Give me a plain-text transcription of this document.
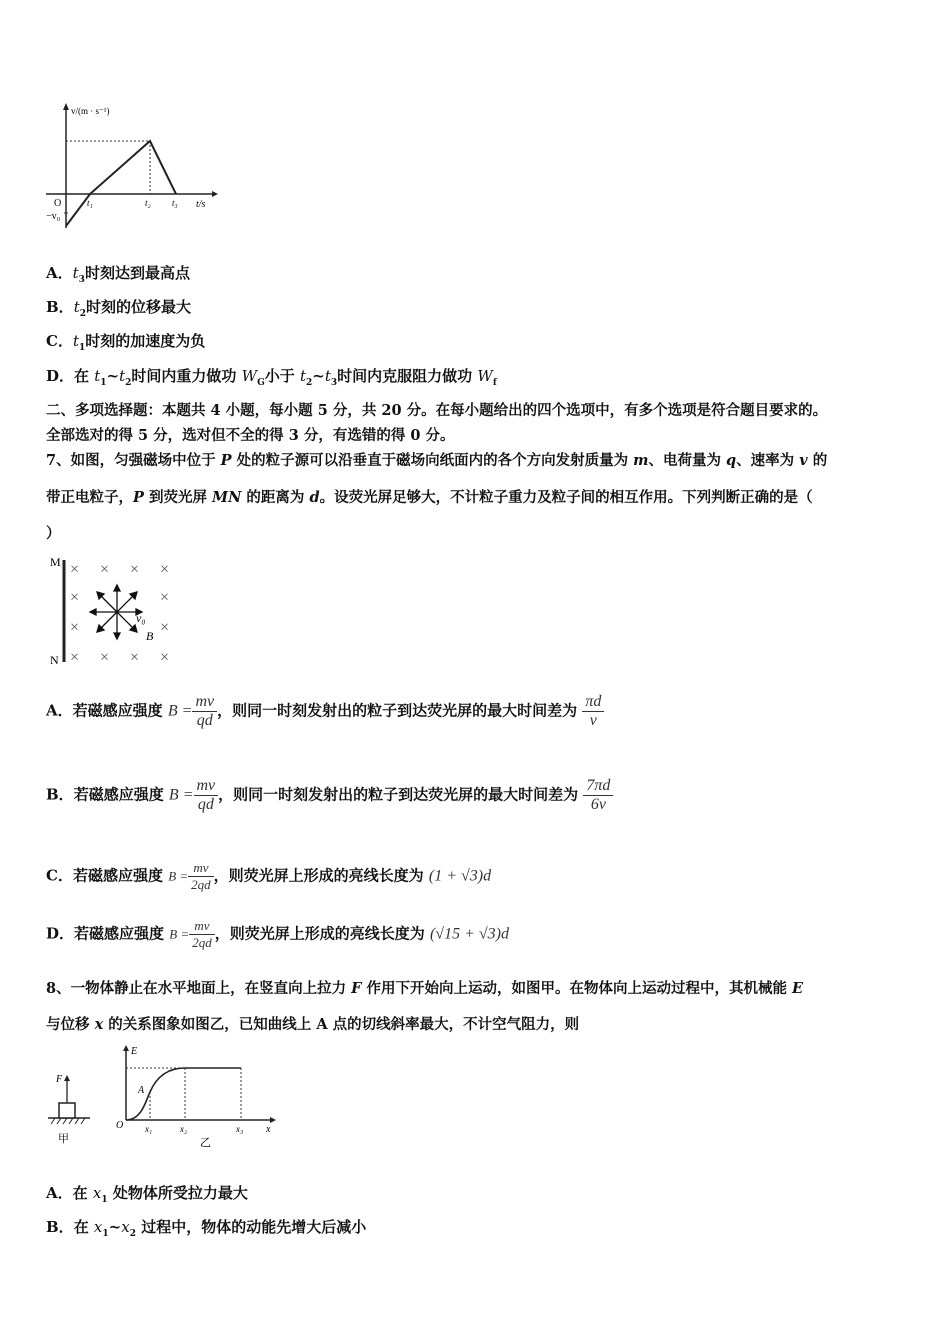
v/(m · s⁻¹)
O
−v₀
t₁	t₂ t₃ t/s
A．$t_3$时刻达到最高点
B．$t_2$时刻的位移最大
C．$t_1$时刻的加速度为负
D．在 $t_1\sim t_2$时间内重力做功 $W_G$小于 $t_2\sim t_3$时间内克服阻力做功 $W_f$
二、多项选择题：本题共 4 小题，每小题 5 分，共 20 分。在每小题给出的四个选项中，有多个选项是符合题目要求的。
全部选对的得 5 分，选对但不全的得 3 分，有选错的得 0 分。
7、如图，匀强磁场中位于 P 处的粒子源可以沿垂直于磁场向纸面内的各个方向发射质量为 m、电荷量为 q、速率为 v 的
带正电粒子，P 到荧光屏 MN 的距离为 d。设荧光屏足够大，不计粒子重力及粒子间的相互作用。下列判断正确的是（
）
M
N
× × × ×
×	×
×	×
× × × ×
v₀
B
A．若磁感应强度 $B = \frac{mv}{qd}$ ，则同一时刻发射出的粒子到达荧光屏的最大时间差为 $\frac{\pi d}{v}$
B．若磁感应强度 $B = \frac{mv}{qd}$ ，则同一时刻发射出的粒子到达荧光屏的最大时间差为 $\frac{7\pi d}{6v}$
C．若磁感应强度 $B = \frac{mv}{2qd}$ ，则荧光屏上形成的亮线长度为 (1 + √3)d
D．若磁感应强度 $B = \frac{mv}{2qd}$ ，则荧光屏上形成的亮线长度为 (√15 + √3)d
8、一物体静止在水平地面上，在竖直向上拉力 F 作用下开始向上运动，如图甲。在物体向上运动过程中，其机械能 E
与位移 x 的关系图象如图乙，已知曲线上 A 点的切线斜率最大，不计空气阻力，则
F
甲
E
A
O x₁	x₂	x₃ x
乙
A．在 $x_1$ 处物体所受拉力最大
B．在 $x_1\sim x_2$ 过程中，物体的动能先增大后减小
